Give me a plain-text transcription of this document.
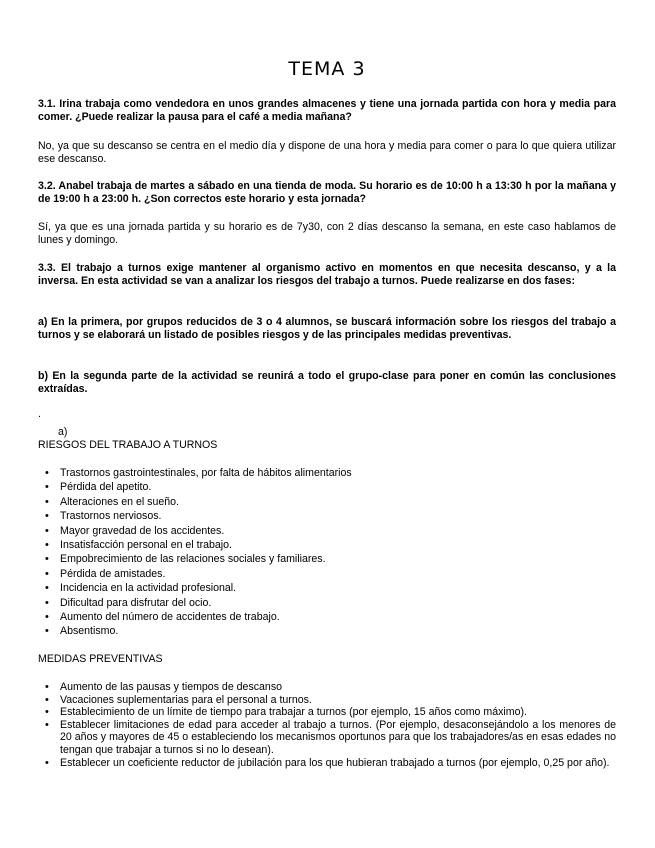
TEMA 3

3.1. Irina trabaja como vendedora en unos grandes almacenes y tiene una jornada partida con hora y media para comer. ¿Puede realizar la pausa para el café a media mañana?

No, ya que su descanso se centra en el medio día y dispone de una hora y media para comer o para lo que quiera utilizar ese descanso.

3.2. Anabel trabaja de martes a sábado en una tienda de moda. Su horario es de 10:00 h a 13:30 h por la mañana y de 19:00 h a 23:00 h. ¿Son correctos este horario y esta jornada?

Sí, ya que es una jornada partida y su horario es de 7y30, con 2 días descanso la semana, en este caso hablamos de lunes y domingo.

3.3. El trabajo a turnos exige mantener al organismo activo en momentos en que necesita descanso, y a la inversa. En esta actividad se van a analizar los riesgos del trabajo a turnos. Puede realizarse en dos fases:

a) En la primera, por grupos reducidos de 3 o 4 alumnos, se buscará información sobre los riesgos del trabajo a turnos y se elaborará un listado de posibles riesgos y de las principales medidas preventivas.

b) En la segunda parte de la actividad se reunirá a todo el grupo-clase para poner en común las conclusiones extraídas.

.
a)
RIESGOS DEL TRABAJO A TURNOS
• Trastornos gastrointestinales, por falta de hábitos alimentarios
• Pérdida del apetito.
• Alteraciones en el sueño.
• Trastornos nerviosos.
• Mayor gravedad de los accidentes.
• Insatisfacción personal en el trabajo.
• Empobrecimiento de las relaciones sociales y familiares.
• Pérdida de amistades.
• Incidencia en la actividad profesional.
• Dificultad para disfrutar del ocio.
• Aumento del número de accidentes de trabajo.
• Absentismo.
MEDIDAS PREVENTIVAS
• Aumento de las pausas y tiempos de descanso
• Vacaciones suplementarias para el personal a turnos.
• Establecimiento de un límite de tiempo para trabajar a turnos (por ejemplo, 15 años como máximo).
• Establecer limitaciones de edad para acceder al trabajo a turnos. (Por ejemplo, desaconsejándolo a los menores de 20 años y mayores de 45 o estableciendo los mecanismos oportunos para que los trabajadores/as en esas edades no tengan que trabajar a turnos si no lo desean).
• Establecer un coeficiente reductor de jubilación para los que hubieran trabajado a turnos (por ejemplo, 0,25 por año).
